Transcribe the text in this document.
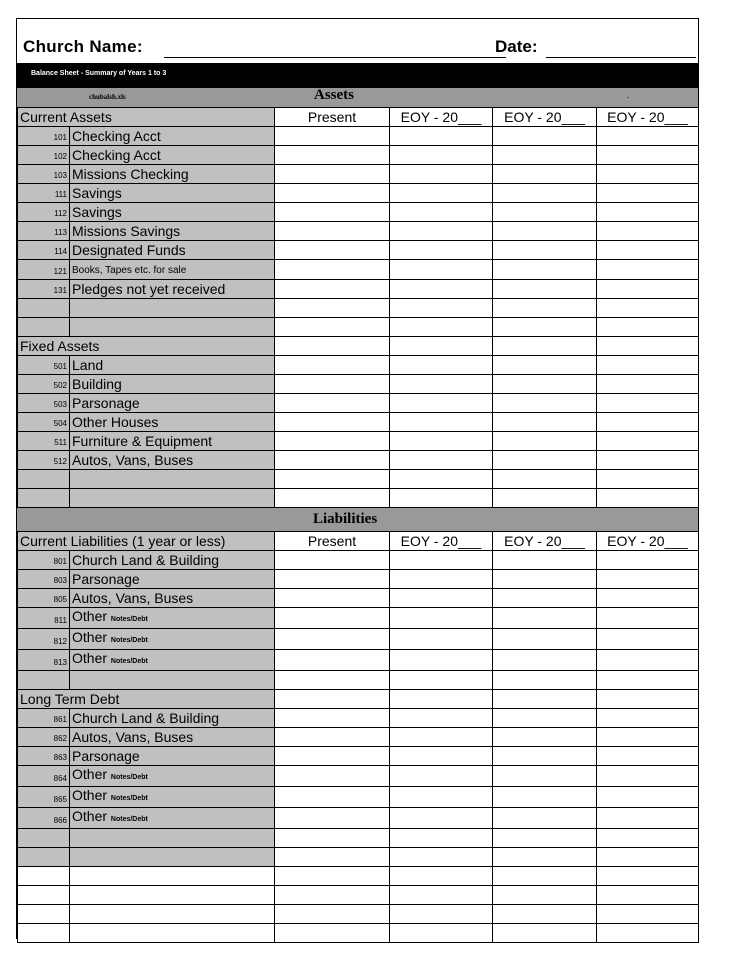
Church Name:	Date:
Balance Sheet - Summary of Years 1 to 3
chubalsh.xls	Assets	.
Current Assets		Present	EOY - 20___	EOY - 20___	EOY - 20___
101	Checking Acct				
102	Checking Acct				
103	Missions Checking				
111	Savings				
112	Savings				
113	Missions Savings				
114	Designated Funds				
121	Books, Tapes etc. for sale				
131	Pledges not yet received				

Fixed Assets					
501	Land				
502	Building				
503	Parsonage				
504	Other Houses				
511	Furniture & Equipment				
512	Autos, Vans, Buses				

Liabilities
Current Liabilities (1 year or less)		Present	EOY - 20___	EOY - 20___	EOY - 20___
801	Church Land & Building				
803	Parsonage				
805	Autos, Vans, Buses				
811	Other Notes/Debt				
812	Other Notes/Debt				
813	Other Notes/Debt				

Long Term Debt					
861	Church Land & Building				
862	Autos, Vans, Buses				
863	Parsonage				
864	Other Notes/Debt				
865	Other Notes/Debt				
866	Other Notes/Debt				
